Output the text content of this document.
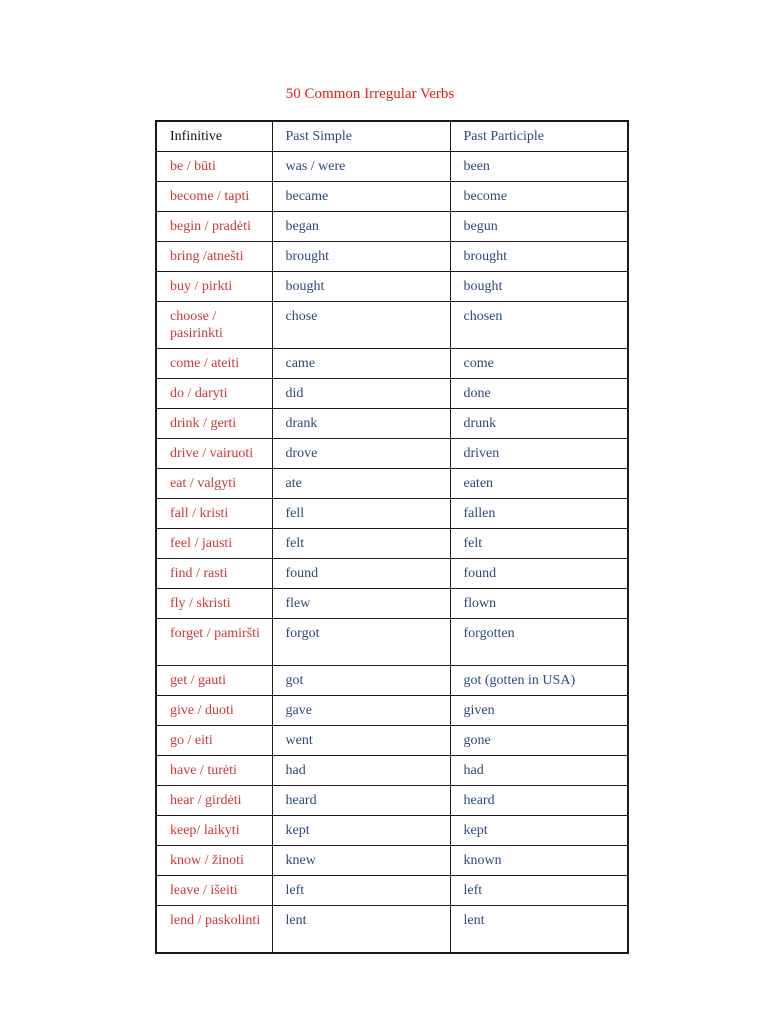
50 Common Irregular Verbs
Infinitive	Past Simple	Past Participle
be / būti	was / were	been
become / tapti	became	become
begin / pradėti	began	begun
bring /atnešti	brought	brought
buy / pirkti	bought	bought
choose / pasirinkti	chose	chosen
come / ateiti	came	come
do / daryti	did	done
drink / gerti	drank	drunk
drive / vairuoti	drove	driven
eat / valgyti	ate	eaten
fall / kristi	fell	fallen
feel / jausti	felt	felt
find / rasti	found	found
fly / skristi	flew	flown
forget / pamiršti	forgot	forgotten
get / gauti	got	got (gotten in USA)
give / duoti	gave	given
go / eiti	went	gone
have / turėti	had	had
hear / girdėti	heard	heard
keep/ laikyti	kept	kept
know / žinoti	knew	known
leave / išeiti	left	left
lend / paskolinti	lent	lent
